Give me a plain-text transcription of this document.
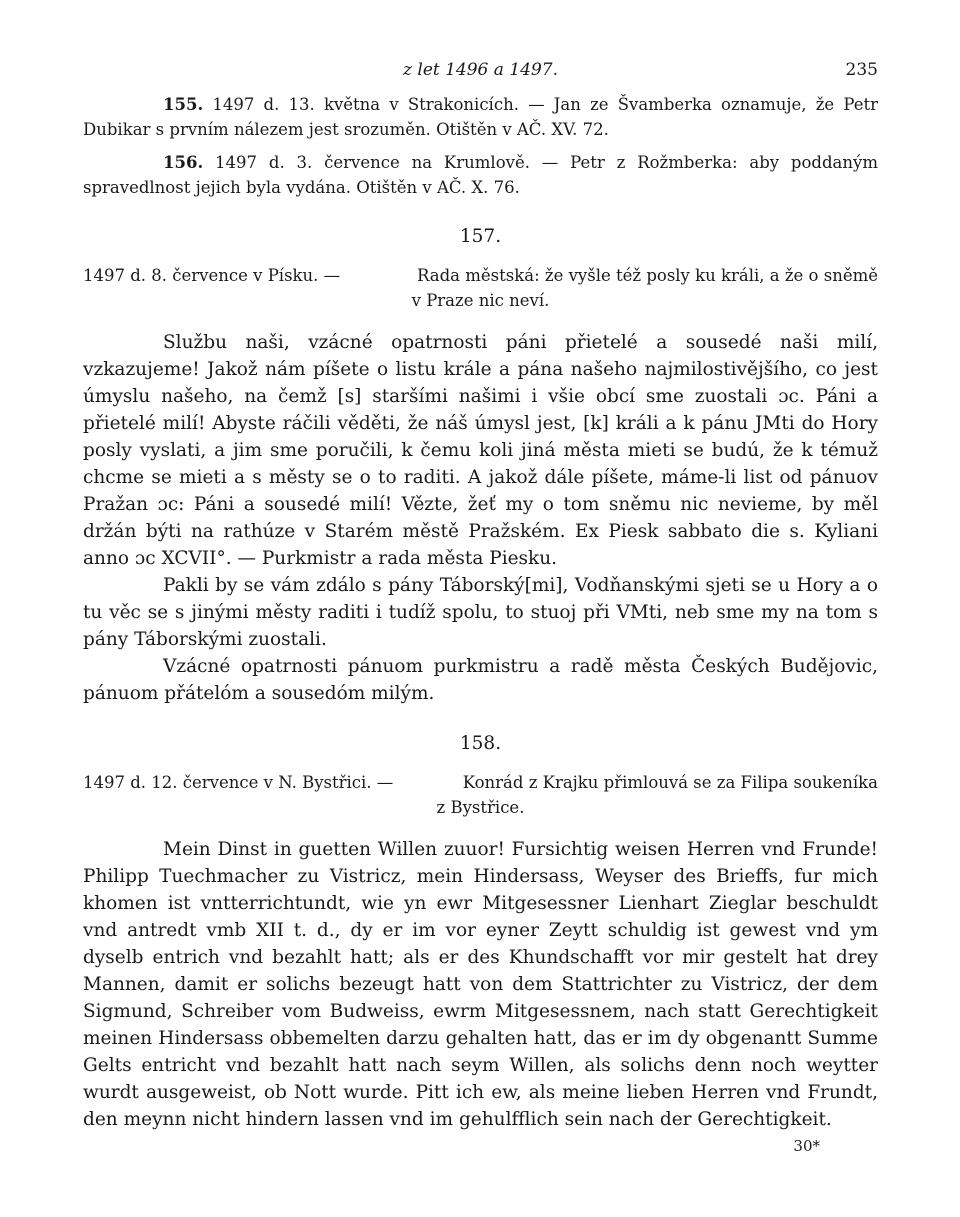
z let 1496 a 1497.	235

155. 1497 d. 13. května v Strakonicích. — Jan ze Švamberka oznamuje, že Petr Dubikar s prvním nálezem jest srozuměn. Otištěn v AČ. XV. 72.

156. 1497 d. 3. července na Krumlově. — Petr z Rožmberka: aby poddaným spravedlnost jejich byla vydána. Otištěn v AČ. X. 76.

157.
1497 d. 8. července v Písku. —	Rada městská: že vyšle též posly ku králi, a že o sněmě
v Praze nic neví.

Službu naši, vzácné opatrnosti páni přietelé a sousedé naši milí, vzkazujeme! Jakož nám píšete o listu krále a pána našeho najmilostivějšího, co jest úmyslu našeho, na čemž [s] staršími našimi i všie obcí sme zuostali ɔc. Páni a přietelé milí! Abyste ráčili věděti, že náš úmysl jest, [k] králi a k pánu JMti do Hory posly vyslati, a jim sme poručili, k čemu koli jiná města mieti se budú, že k témuž chcme se mieti a s městy se o to raditi. A jakož dále píšete, máme-li list od pánuov Pražan ɔc: Páni a sousedé milí! Vězte, žeť my o tom sněmu nic nevieme, by měl držán býti na rathúze v Starém městě Pražském. Ex Piesk sabbato die s. Kyliani anno ɔc XCVII°. — Purkmistr a rada města Piesku.

Pakli by se vám zdálo s pány Táborský[mi], Vodňanskými sjeti se u Hory a o tu věc se s jinými městy raditi i tudíž spolu, to stuoj při VMti, neb sme my na tom s pány Táborskými zuostali.

Vzácné opatrnosti pánuom purkmistru a radě města Českých Budějovic, pánuom přátelóm a sousedóm milým.

158.
1497 d. 12. července v N. Bystřici. —	Konrád z Krajku přimlouvá se za Filipa soukeníka
z Bystřice.

Mein Dinst in guetten Willen zuuor! Fursichtig weisen Herren vnd Frunde! Philipp Tuechmacher zu Vistricz, mein Hindersass, Weyser des Brieffs, fur mich khomen ist vntterrichtundt, wie yn ewr Mitgesessner Lienhart Zieglar beschuldt vnd antredt vmb XII t. d., dy er im vor eyner Zeytt schuldig ist gewest vnd ym dyselb entrich vnd bezahlt hatt; als er des Khundschafft vor mir gestelt hat drey Mannen, damit er solichs bezeugt hatt von dem Stattrichter zu Vistricz, der dem Sigmund, Schreiber vom Budweiss, ewrm Mitgesessnem, nach statt Gerechtigkeit meinen Hindersass obbemelten darzu gehalten hatt, das er im dy obgenantt Summe Gelts entricht vnd bezahlt hatt nach seym Willen, als solichs denn noch weytter wurdt ausgeweist, ob Nott wurde. Pitt ich ew, als meine lieben Herren vnd Frundt, den meynn nicht hindern lassen vnd im gehulfflich sein nach der Gerechtigkeit.

30*
